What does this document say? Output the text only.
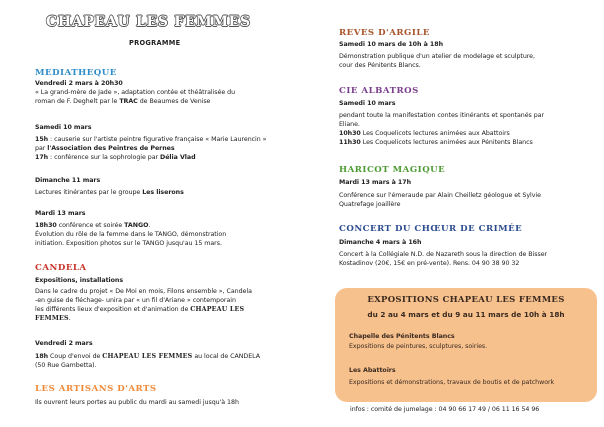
CHAPEAU LES FEMMES
PROGRAMME
MEDIATHEQUE
Vendredi 2 mars à 20h30
« La grand-mère de Jade », adaptation contée et théâtralisée du
roman de F. Deghelt par le TRAC de Beaumes de Venise
Samedi 10 mars
15h : causerie sur l'artiste peintre figurative française « Marie Laurencin »
par l'Association des Peintres de Pernes
17h : conférence sur la sophrologie par Délia Vlad
Dimanche 11 mars
Lectures itinérantes par le groupe Les liserons
Mardi 13 mars
18h30 conférence et soirée TANGO.
Évolution du rôle de la femme dans le TANGO, démonstration
initiation. Exposition photos sur le TANGO jusqu'au 15 mars.
CANDELA
Expositions, installations
Dans le cadre du projet « De Moi en mois, Filons ensemble », Candela
-en guise de fléchage- unira par « un fil d'Ariane » contemporain
les différents lieux d'exposition et d'animation de CHAPEAU LES
FEMMES.
Vendredi 2 mars
18h Coup d'envoi de CHAPEAU LES FEMMES au local de CANDELA
(50 Rue Gambetta).
LES ARTISANS D'ARTS
Ils ouvrent leurs portes au public du mardi au samedi jusqu'à 18h
REVES D'ARGILE
Samedi 10 mars de 10h à 18h
Démonstration publique d'un atelier de modelage et sculpture,
cour des Pénitents Blancs.
CIE ALBATROS
Samedi 10 mars
pendant toute la manifestation contes itinérants et spontanés par
Eliane.
10h30 Les Coquelicots lectures animées aux Abattoirs
11h30 Les Coquelicots lectures animées aux Pénitents Blancs
HARICOT MAGIQUE
Mardi 13 mars à 17h
Conférence sur l'émeraude par Alain Cheilletz géologue et Sylvie
Quatrefage joaillère
CONCERT DU CHŒUR DE CRIMÉE
Dimanche 4 mars à 16h
Concert à la Collégiale N.D. de Nazareth sous la direction de Bisser
Kostadinov (20€, 15€ en pré-vente). Rens. 04 90 38 90 32
EXPOSITIONS CHAPEAU LES FEMMES
du 2 au 4 mars et du 9 au 11 mars de 10h à 18h
Chapelle des Pénitents Blancs
Expositions de peintures, sculptures, soiries.
Les Abattoirs
Expositions et démonstrations, travaux de boutis et de patchwork
infos : comité de jumelage : 04 90 66 17 49 / 06 11 16 54 96
